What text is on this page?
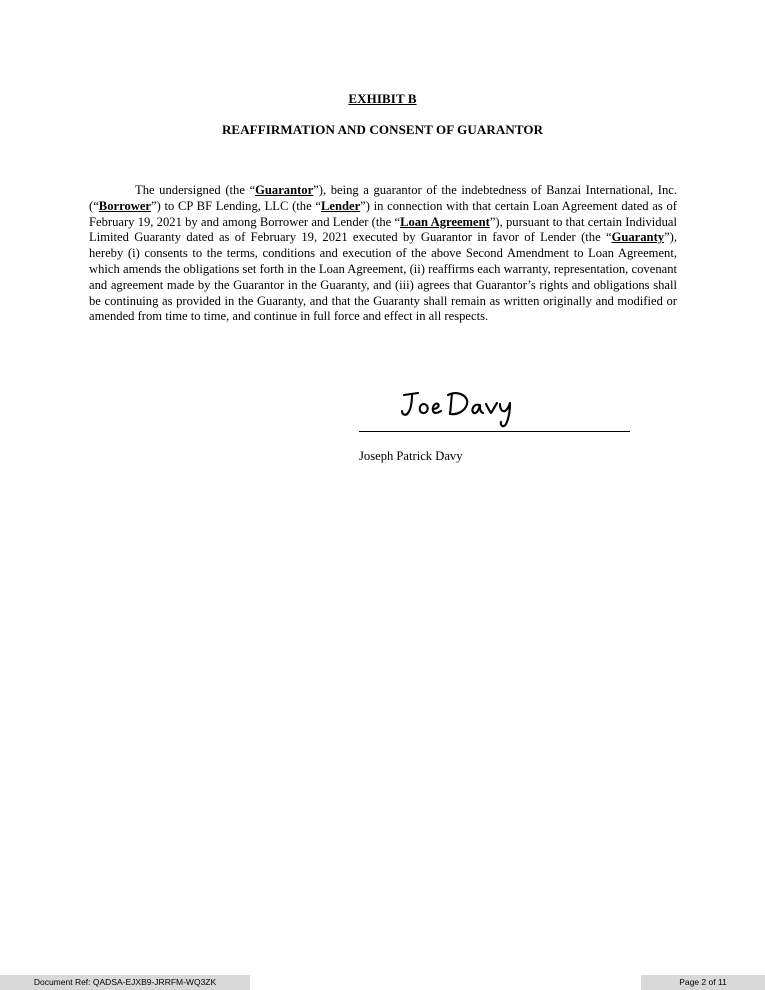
EXHIBIT B
REAFFIRMATION AND CONSENT OF GUARANTOR

The undersigned (the “Guarantor”), being a guarantor of the indebtedness of Banzai International, Inc. (“Borrower”) to CP BF Lending, LLC (the “Lender”) in connection with that certain Loan Agreement dated as of February 19, 2021 by and among Borrower and Lender (the “Loan Agreement”), pursuant to that certain Individual Limited Guaranty dated as of February 19, 2021 executed by Guarantor in favor of Lender (the “Guaranty”), hereby (i) consents to the terms, conditions and execution of the above Second Amendment to Loan Agreement, which amends the obligations set forth in the Loan Agreement, (ii) reaffirms each warranty, representation, covenant and agreement made by the Guarantor in the Guaranty, and (iii) agrees that Guarantor’s rights and obligations shall be continuing as provided in the Guaranty, and that the Guaranty shall remain as written originally and modified or amended from time to time, and continue in full force and effect in all respects.

Joseph Patrick Davy
Document Ref: QADSA-EJXB9-JRRFM-WQ3ZK	Page 2 of 11
